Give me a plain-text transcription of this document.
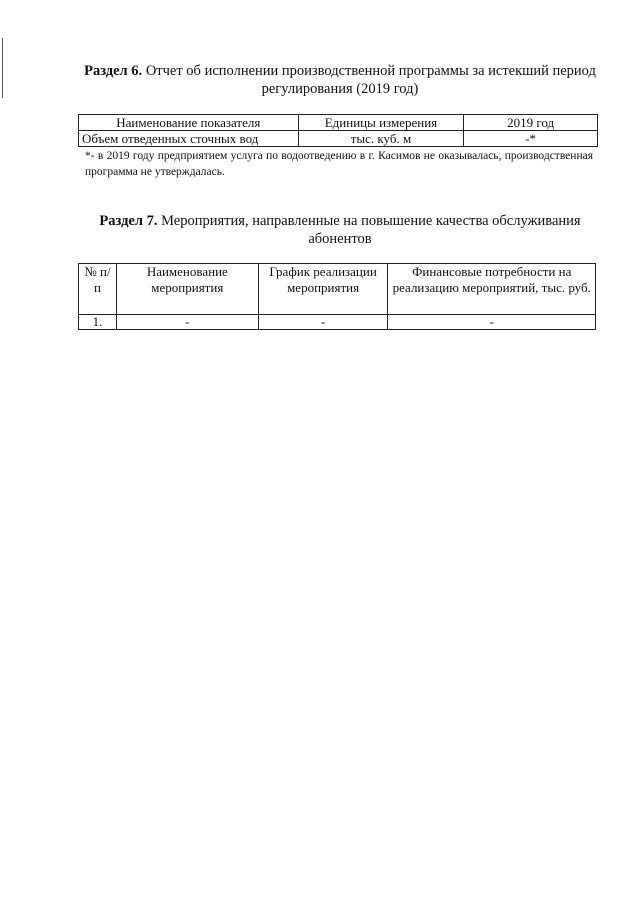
Раздел 6. Отчет об исполнении производственной программы за истекший период регулирования (2019 год)
Наименование показателя	Единицы измерения	2019 год
Объем отведенных сточных вод	тыс. куб. м	-*
*- в 2019 году предприятием услуга по водоотведению в г. Касимов не оказывалась, производственная программа не утверждалась.
Раздел 7. Мероприятия, направленные на повышение качества обслуживания абонентов
№ п/п	Наименование мероприятия	График реализации мероприятия	Финансовые потребности на реализацию мероприятий, тыс. руб.
1.	-	-	-
